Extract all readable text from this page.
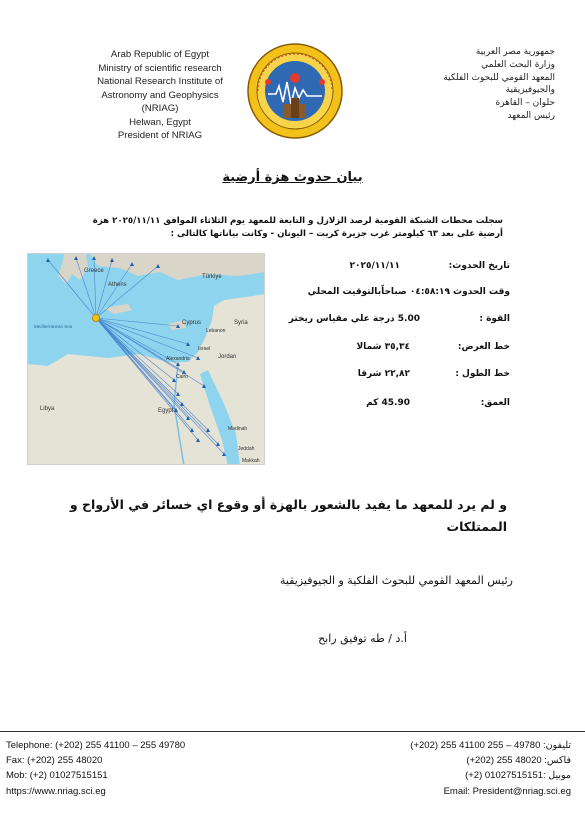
Arab Republic of Egypt
Ministry of scientific research
National Research Institute of
Astronomy and Geophysics
(NRIAG)
Helwan, Egypt
President of NRIAG
جمهورية مصر العربية
وزارة البحث العلمي
المعهد القومي للبحوث الفلكية
والجيوفيزيقية
حلوان – القاهرة
رئيس المعهد
بيان حدوث هزة أرضية
سجلت محطات الشبكة القومية لرصد الزلازل و التابعة للمعهد يوم الثلاثاء الموافق ٢٠٢٥/١١/١١ هزة أرضية على بعد ٦٣ كيلومتر غرب جزيرة كريت – اليونان - وكانت بياناتها كالتالى :
Greece
Athens
Türkiye
Mediterranean Sea
Cyprus	Syria
Lebanon
Israel
Jordan
Alexandria
Cairo
Egypt
Libya
Madinah
Jeddah
Makkah
تاريخ الحدوث:
٢٠٢٥/١١/١١
وقت الحدوث :
٠٤:٥٨:١٩ صباحاًبالتوقيت المحلي
القوة :
5.00 درجة علي مقياس ريختر
خط العرض:
٣٥,٣٤ شمالا
خط الطول :
٢٢,٨٢ شرقا
العمق:
45.90 كم
و لم يرد للمعهد ما يفيد بالشعور بالهزة أو وقوع اي خسائر في الأرواح و الممتلكات
رئيس المعهد القومي للبحوث الفلكية و الجيوفيزيقية
أ.د / طه توفيق رابح
Telephone: (+202) 255 41100 – 255 49780
Fax: (+202) 255 48020
Mob: (+2) 01027515151
https://www.nriag.sci.eg
تليفون: 49780 – 255 41100 255 (202+)
فاكس: 48020 255 (202+)
موبيل :01027515151 (2+)
Email: President@nriag.sci.eg
